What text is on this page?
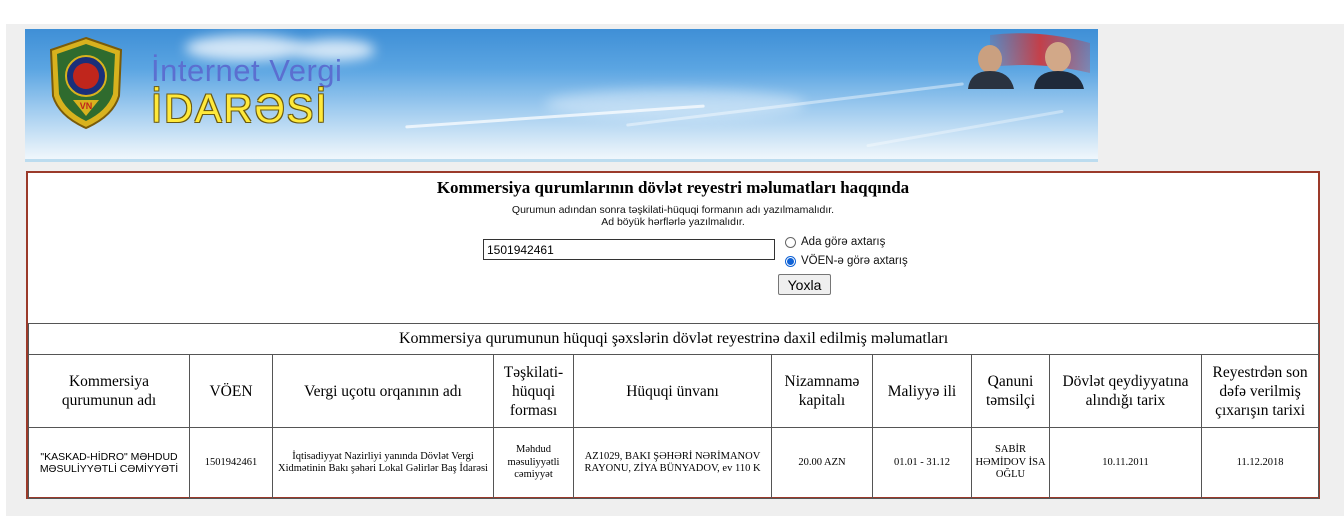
VN
İnternet Vergi
İDARƏSİ
Kommersiya qurumlarının dövlət reyestri məlumatları haqqında
Qurumun adından sonra təşkilati-hüquqi formanın adı yazılmamalıdır.
Ad böyük hərflərlə yazılmalıdır.
1501942461
Ada görə axtarış
VÖEN-ə görə axtarış
Yoxla
Kommersiya qurumunun hüquqi şəxslərin dövlət reyestrinə daxil edilmiş məlumatları									
Kommersiya qurumunun adı	VÖEN	Vergi uçotu orqanının adı	Təşkilati-hüquqi forması	Hüquqi ünvanı	Nizamnamə kapitalı	Maliyyə ili	Qanuni təmsilçi	Dövlət qeydiyyatına alındığı tarix	Reyestrdən son dəfə verilmiş çıxarışın tarixi
"KASKAD-HİDRO" MƏHDUD MƏSULİYYƏTLİ CƏMİYYƏTİ	1501942461	İqtisadiyyat Nazirliyi yanında Dövlət Vergi Xidmətinin Bakı şəhəri Lokal Gəlirlər Baş İdarəsi	Məhdud məsuliyyətli cəmiyyət	AZ1029, BAKI ŞƏHƏRİ NƏRİMANOV RAYONU, ZİYA BÜNYADOV, ev 110 K	20.00 AZN	01.01 - 31.12	SABİR HƏMİDOV İSA OĞLU	10.11.2011	11.12.2018
